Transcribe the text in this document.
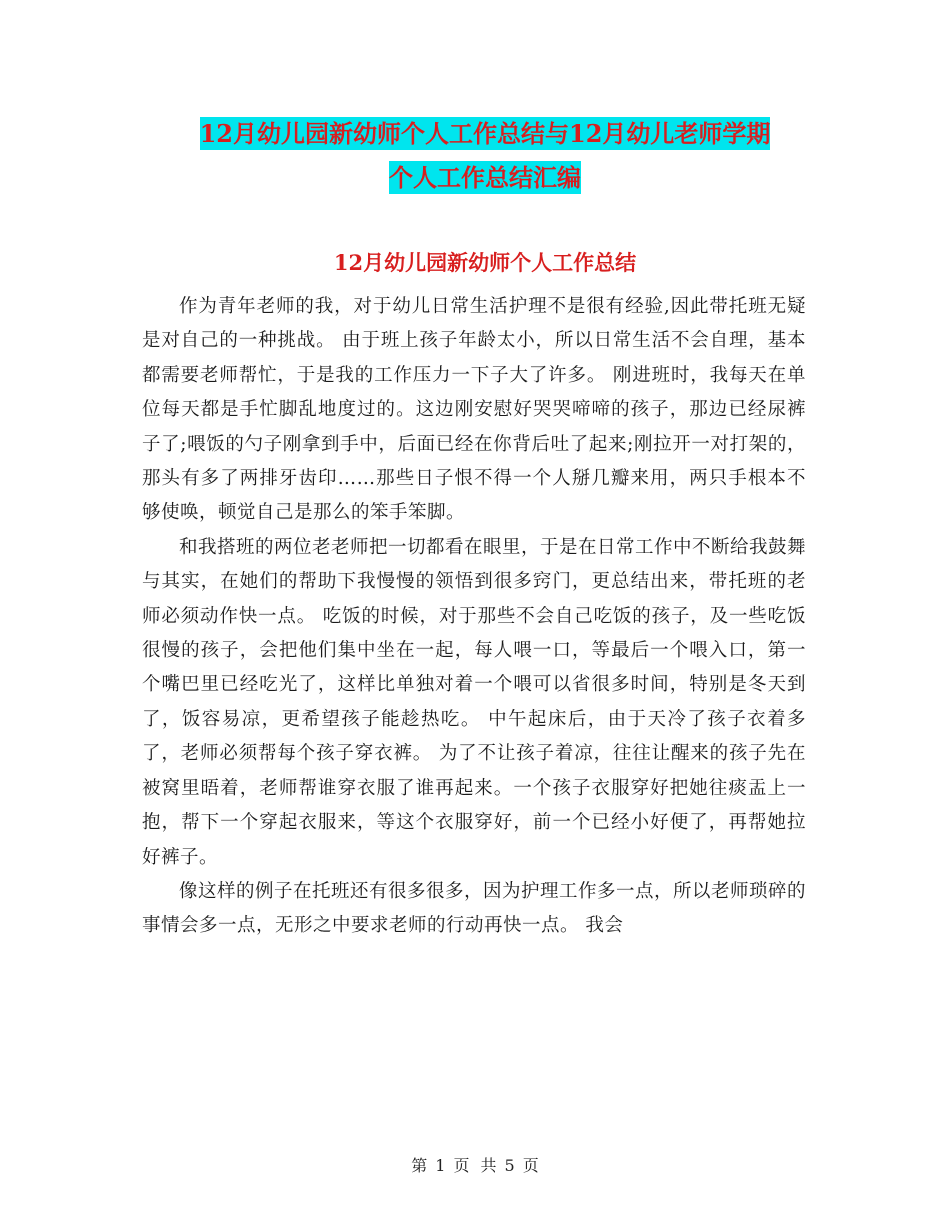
12月幼儿园新幼师个人工作总结与12月幼儿老师学期
个人工作总结汇编
12月幼儿园新幼师个人工作总结

作为青年老师的我，对于幼儿日常生活护理不是很有经验,因此带托班无疑是对自己的一种挑战。 由于班上孩子年龄太小，所以日常生活不会自理，基本都需要老师帮忙，于是我的工作压力一下子大了许多。 刚进班时，我每天在单位每天都是手忙脚乱地度过的。这边刚安慰好哭哭啼啼的孩子，那边已经尿裤子了;喂饭的勺子刚拿到手中，后面已经在你背后吐了起来;刚拉开一对打架的，那头有多了两排牙齿印……那些日子恨不得一个人掰几瓣来用，两只手根本不够使唤，顿觉自己是那么的笨手笨脚。

和我搭班的两位老老师把一切都看在眼里，于是在日常工作中不断给我鼓舞与其实，在她们的帮助下我慢慢的领悟到很多窍门，更总结出来，带托班的老师必须动作快一点。 吃饭的时候，对于那些不会自己吃饭的孩子，及一些吃饭很慢的孩子，会把他们集中坐在一起，每人喂一口，等最后一个喂入口，第一个嘴巴里已经吃光了，这样比单独对着一个喂可以省很多时间，特别是冬天到了，饭容易凉，更希望孩子能趁热吃。 中午起床后，由于天冷了孩子衣着多了，老师必须帮每个孩子穿衣裤。 为了不让孩子着凉，往往让醒来的孩子先在被窝里晤着，老师帮谁穿衣服了谁再起来。一个孩子衣服穿好把她往痰盂上一抱，帮下一个穿起衣服来，等这个衣服穿好，前一个已经小好便了，再帮她拉好裤子。

像这样的例子在托班还有很多很多，因为护理工作多一点，所以老师琐碎的事情会多一点，无形之中要求老师的行动再快一点。 我会

第 1 页 共 5 页
